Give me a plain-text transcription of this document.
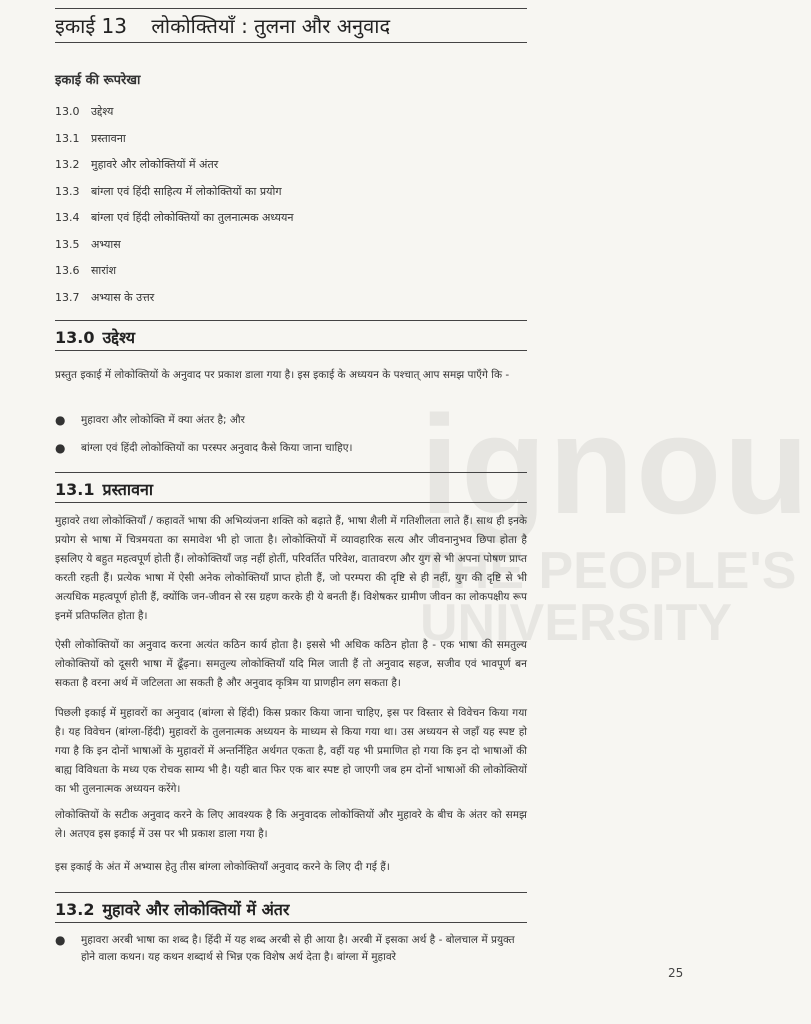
ignou
THE PEOPLE'S UNIVERSITY
इकाई 13 लोकोक्तियाँ : तुलना और अनुवाद
इकाई की रूपरेखा
13.0 उद्देश्य
13.1 प्रस्तावना
13.2 मुहावरे और लोकोक्तियों में अंतर
13.3 बांग्ला एवं हिंदी साहित्य में लोकोक्तियों का प्रयोग
13.4 बांग्ला एवं हिंदी लोकोक्तियों का तुलनात्मक अध्ययन
13.5 अभ्यास
13.6 सारांश
13.7 अभ्यास के उत्तर
13.0 उद्देश्य
प्रस्तुत इकाई में लोकोक्तियों के अनुवाद पर प्रकाश डाला गया है। इस इकाई के अध्ययन के पश्चात् आप समझ पाएँगे कि -
● मुहावरा और लोकोक्ति में क्या अंतर है; और
● बांग्ला एवं हिंदी लोकोक्तियों का परस्पर अनुवाद कैसे किया जाना चाहिए।
13.1 प्रस्तावना
मुहावरे तथा लोकोक्तियाँ / कहावतें भाषा की अभिव्यंजना शक्ति को बढ़ाते हैं, भाषा शैली में गतिशीलता लाते हैं। साथ ही इनके प्रयोग से भाषा में चित्रमयता का समावेश भी हो जाता है। लोकोक्तियों में व्यावहारिक सत्य और जीवनानुभव छिपा होता है इसलिए ये बहुत महत्वपूर्ण होती हैं। लोकोक्तियाँ जड़ नहीं होतीं, परिवर्तित परिवेश, वातावरण और युग से भी अपना पोषण प्राप्त करती रहती हैं। प्रत्येक भाषा में ऐसी अनेक लोकोक्तियाँ प्राप्त होती हैं, जो परम्परा की दृष्टि से ही नहीं, युग की दृष्टि से भी अत्यधिक महत्वपूर्ण होती हैं, क्योंकि जन-जीवन से रस ग्रहण करके ही ये बनती हैं। विशेषकर ग्रामीण जीवन का लोकपक्षीय रूप इनमें प्रतिफलित होता है।
ऐसी लोकोक्तियों का अनुवाद करना अत्यंत कठिन कार्य होता है। इससे भी अधिक कठिन होता है - एक भाषा की समतुल्य लोकोक्तियों को दूसरी भाषा में ढूँढ़ना। समतुल्य लोकोक्तियाँ यदि मिल जाती हैं तो अनुवाद सहज, सजीव एवं भावपूर्ण बन सकता है वरना अर्थ में जटिलता आ सकती है और अनुवाद कृत्रिम या प्राणहीन लग सकता है।
पिछली इकाई में मुहावरों का अनुवाद (बांग्ला से हिंदी) किस प्रकार किया जाना चाहिए, इस पर विस्तार से विवेचन किया गया है। यह विवेचन (बांग्ला-हिंदी) मुहावरों के तुलनात्मक अध्ययन के माध्यम से किया गया था। उस अध्ययन से जहाँ यह स्पष्ट हो गया है कि इन दोनों भाषाओं के मुहावरों में अन्तर्निहित अर्थगत एकता है, वहीं यह भी प्रमाणित हो गया कि इन दो भाषाओं की बाह्य विविधता के मध्य एक रोचक साम्य भी है। यही बात फिर एक बार स्पष्ट हो जाएगी जब हम दोनों भाषाओं की लोकोक्तियों का भी तुलनात्मक अध्ययन करेंगे।
लोकोक्तियों के सटीक अनुवाद करने के लिए आवश्यक है कि अनुवादक लोकोक्तियों और मुहावरे के बीच के अंतर को समझ ले। अतएव इस इकाई में उस पर भी प्रकाश डाला गया है।
इस इकाई के अंत में अभ्यास हेतु तीस बांग्ला लोकोक्तियाँ अनुवाद करने के लिए दी गई हैं।
13.2 मुहावरे और लोकोक्तियों में अंतर
● मुहावरा अरबी भाषा का शब्द है। हिंदी में यह शब्द अरबी से ही आया है। अरबी में इसका अर्थ है - बोलचाल में प्रयुक्त होने वाला कथन। यह कथन शब्दार्थ से भिन्न एक विशेष अर्थ देता है। बांग्ला में मुहावरे
25
